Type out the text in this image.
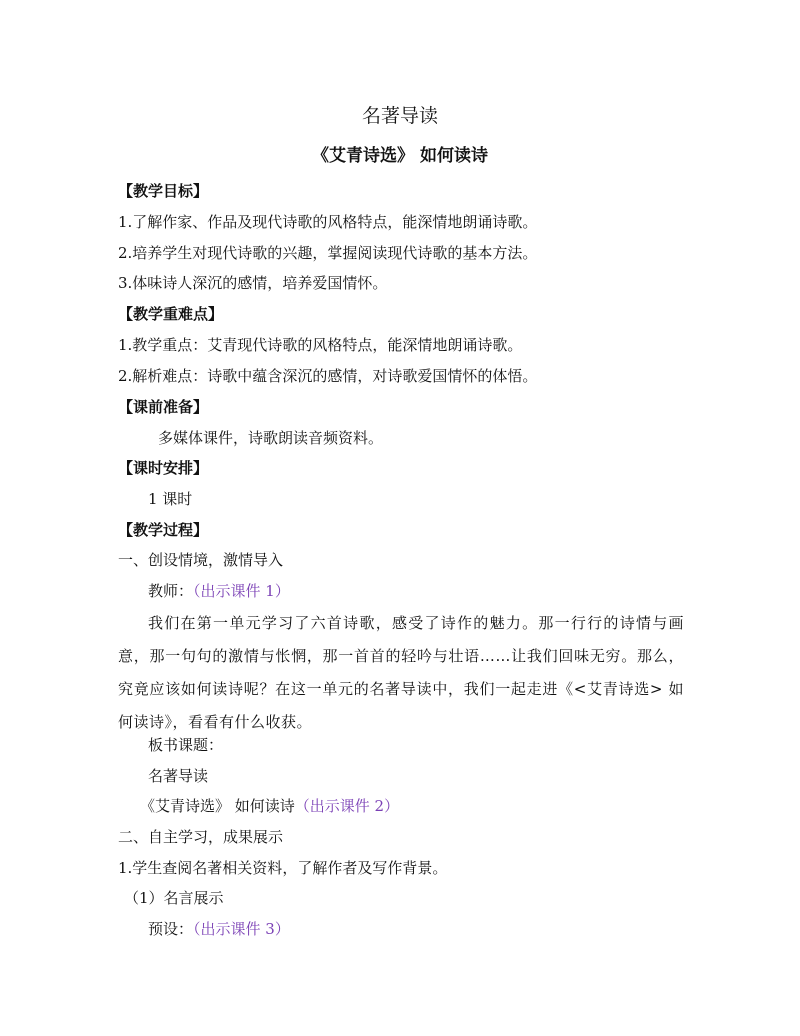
名著导读
《艾青诗选》 如何读诗
【教学目标】
1.了解作家、作品及现代诗歌的风格特点，能深情地朗诵诗歌。
2.培养学生对现代诗歌的兴趣，掌握阅读现代诗歌的基本方法。
3.体味诗人深沉的感情，培养爱国情怀。
【教学重难点】
1.教学重点：艾青现代诗歌的风格特点，能深情地朗诵诗歌。
2.解析难点：诗歌中蕴含深沉的感情，对诗歌爱国情怀的体悟。
【课前准备】
多媒体课件，诗歌朗读音频资料。
【课时安排】
1 课时
【教学过程】
一、创设情境，激情导入
教师：（出示课件 1）
我们在第一单元学习了六首诗歌，感受了诗作的魅力。那一行行的诗情与画意，那一句句的激情与怅惘，那一首首的轻吟与壮语……让我们回味无穷。那么，究竟应该如何读诗呢？在这一单元的名著导读中，我们一起走进《<艾青诗选> 如何读诗》，看看有什么收获。
板书课题：
名著导读
《艾青诗选》 如何读诗（出示课件 2）
二、自主学习，成果展示
1.学生查阅名著相关资料，了解作者及写作背景。
（1）名言展示
预设：（出示课件 3）
